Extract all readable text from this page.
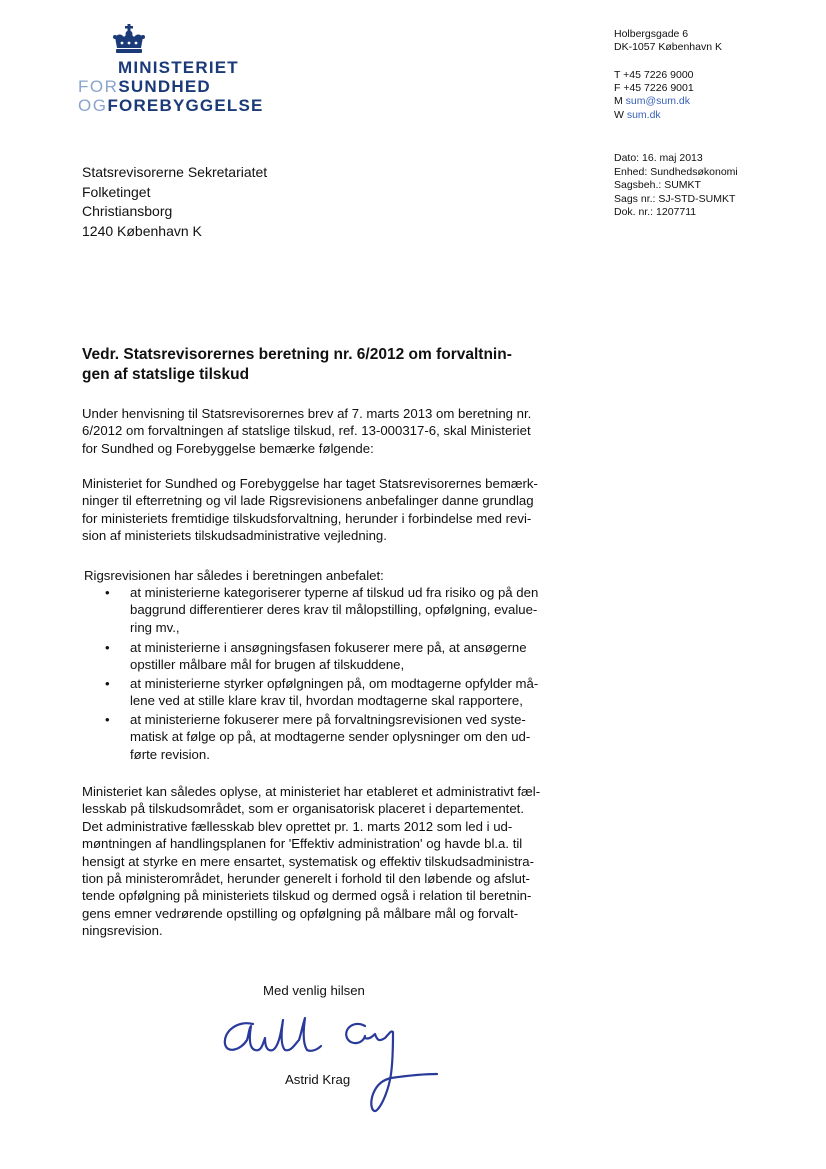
MINISTERIET
FORSUNDHED
OGFOREBYGGELSE
Holbergsgade 6
DK-1057 København K
T +45 7226 9000
F +45 7226 9001
M sum@sum.dk
W sum.dk
Dato: 16. maj 2013
Enhed: Sundhedsøkonomi
Sagsbeh.: SUMKT
Sags nr.: SJ-STD-SUMKT
Dok. nr.: 1207711
Statsrevisorerne Sekretariatet
Folketinget
Christiansborg
1240 København K
Vedr. Statsrevisorernes beretning nr. 6/2012 om forvaltnin-
gen af statslige tilskud
Under henvisning til Statsrevisorernes brev af 7. marts 2013 om beretning nr.
6/2012 om forvaltningen af statslige tilskud, ref. 13-000317-6, skal Ministeriet
for Sundhed og Forebyggelse bemærke følgende:
Ministeriet for Sundhed og Forebyggelse har taget Statsrevisorernes bemærk-
ninger til efterretning og vil lade Rigsrevisionens anbefalinger danne grundlag
for ministeriets fremtidige tilskudsforvaltning, herunder i forbindelse med revi-
sion af ministeriets tilskudsadministrative vejledning.
Rigsrevisionen har således i beretningen anbefalet:
•	at ministerierne kategoriserer typerne af tilskud ud fra risiko og på den
baggrund differentierer deres krav til målopstilling, opfølgning, evalue-
ring mv.,
•	at ministerierne i ansøgningsfasen fokuserer mere på, at ansøgerne
opstiller målbare mål for brugen af tilskuddene,
•	at ministerierne styrker opfølgningen på, om modtagerne opfylder må-
lene ved at stille klare krav til, hvordan modtagerne skal rapportere,
•	at ministerierne fokuserer mere på forvaltningsrevisionen ved syste-
matisk at følge op på, at modtagerne sender oplysninger om den ud-
førte revision.
Ministeriet kan således oplyse, at ministeriet har etableret et administrativt fæl-
lesskab på tilskudsområdet, som er organisatorisk placeret i departementet.
Det administrative fællesskab blev oprettet pr. 1. marts 2012 som led i ud-
møntningen af handlingsplanen for 'Effektiv administration' og havde bl.a. til
hensigt at styrke en mere ensartet, systematisk og effektiv tilskudsadministra-
tion på ministerområdet, herunder generelt i forhold til den løbende og afslut-
tende opfølgning på ministeriets tilskud og dermed også i relation til beretnin-
gens emner vedrørende opstilling og opfølgning på målbare mål og forvalt-
ningsrevision.
Med venlig hilsen
Astrid Krag
